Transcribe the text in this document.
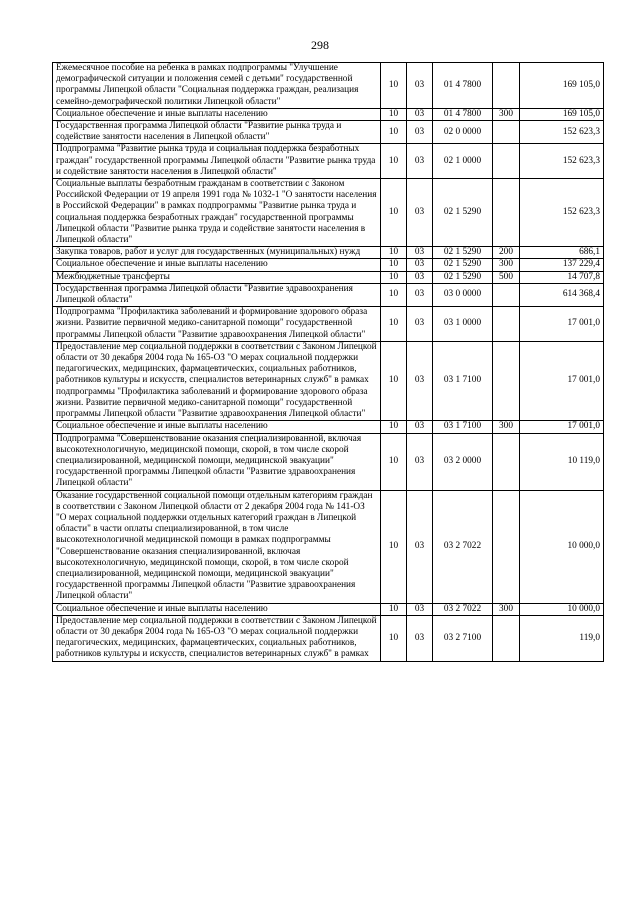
298
Ежемесячное пособие на ребенка в рамках подпрограммы "Улучшение демографической ситуации и положения семей с детьми" государственной программы Липецкой области "Социальная поддержка граждан, реализация семейно-демографической политики Липецкой области"	10	03	01 4 7800		169 105,0
Социальное обеспечение и иные выплаты населению	10	03	01 4 7800	300	169 105,0
Государственная программа Липецкой области "Развитие рынка труда и содействие занятости населения в Липецкой области"	10	03	02 0 0000		152 623,3
Подпрограмма "Развитие рынка труда и социальная поддержка безработных граждан" государственной программы Липецкой области "Развитие рынка труда и содействие занятости населения в Липецкой области"	10	03	02 1 0000		152 623,3
Социальные выплаты безработным гражданам в соответствии с Законом Российской Федерации от 19 апреля 1991 года № 1032-1 "О занятости населения в Российской Федерации" в рамках подпрограммы "Развитие рынка труда и социальная поддержка безработных граждан" государственной программы Липецкой области "Развитие рынка труда и содействие занятости населения в Липецкой области"	10	03	02 1 5290		152 623,3
Закупка товаров, работ и услуг для государственных (муниципальных) нужд	10	03	02 1 5290	200	686,1
Социальное обеспечение и иные выплаты населению	10	03	02 1 5290	300	137 229,4
Межбюджетные трансферты	10	03	02 1 5290	500	14 707,8
Государственная программа Липецкой области "Развитие здравоохранения Липецкой области"	10	03	03 0 0000		614 368,4
Подпрограмма "Профилактика заболеваний и формирование здорового образа жизни. Развитие первичной медико-санитарной помощи" государственной программы Липецкой области "Развитие здравоохранения Липецкой области"	10	03	03 1 0000		17 001,0
Предоставление мер социальной поддержки в соответствии с Законом Липецкой области от 30 декабря 2004 года № 165-ОЗ "О мерах социальной поддержки педагогических, медицинских, фармацевтических, социальных работников, работников культуры и искусств, специалистов ветеринарных служб" в рамках подпрограммы "Профилактика заболеваний и формирование здорового образа жизни. Развитие первичной медико-санитарной помощи" государственной программы Липецкой области "Развитие здравоохранения Липецкой области"	10	03	03 1 7100		17 001,0
Социальное обеспечение и иные выплаты населению	10	03	03 1 7100	300	17 001,0
Подпрограмма "Совершенствование оказания специализированной, включая высокотехнологичную, медицинской помощи, скорой, в том числе скорой специализированной, медицинской помощи, медицинской эвакуации" государственной программы Липецкой области "Развитие здравоохранения Липецкой области"	10	03	03 2 0000		10 119,0
Оказание государственной социальной помощи отдельным категориям граждан в соответствии с Законом Липецкой области от 2 декабря 2004 года № 141-ОЗ "О мерах социальной поддержки отдельных категорий граждан в Липецкой области" в части оплаты специализированной, в том числе высокотехнологичной медицинской помощи в рамках подпрограммы "Совершенствование оказания специализированной, включая высокотехнологичную, медицинской помощи, скорой, в том числе скорой специализированной, медицинской помощи, медицинской эвакуации" государственной программы Липецкой области "Развитие здравоохранения Липецкой области"	10	03	03 2 7022		10 000,0
Социальное обеспечение и иные выплаты населению	10	03	03 2 7022	300	10 000,0
Предоставление мер социальной поддержки в соответствии с Законом Липецкой области от 30 декабря 2004 года № 165-ОЗ "О мерах социальной поддержки педагогических, медицинских, фармацевтических, социальных работников, работников культуры и искусств, специалистов ветеринарных служб" в рамках	10	03	03 2 7100		119,0
